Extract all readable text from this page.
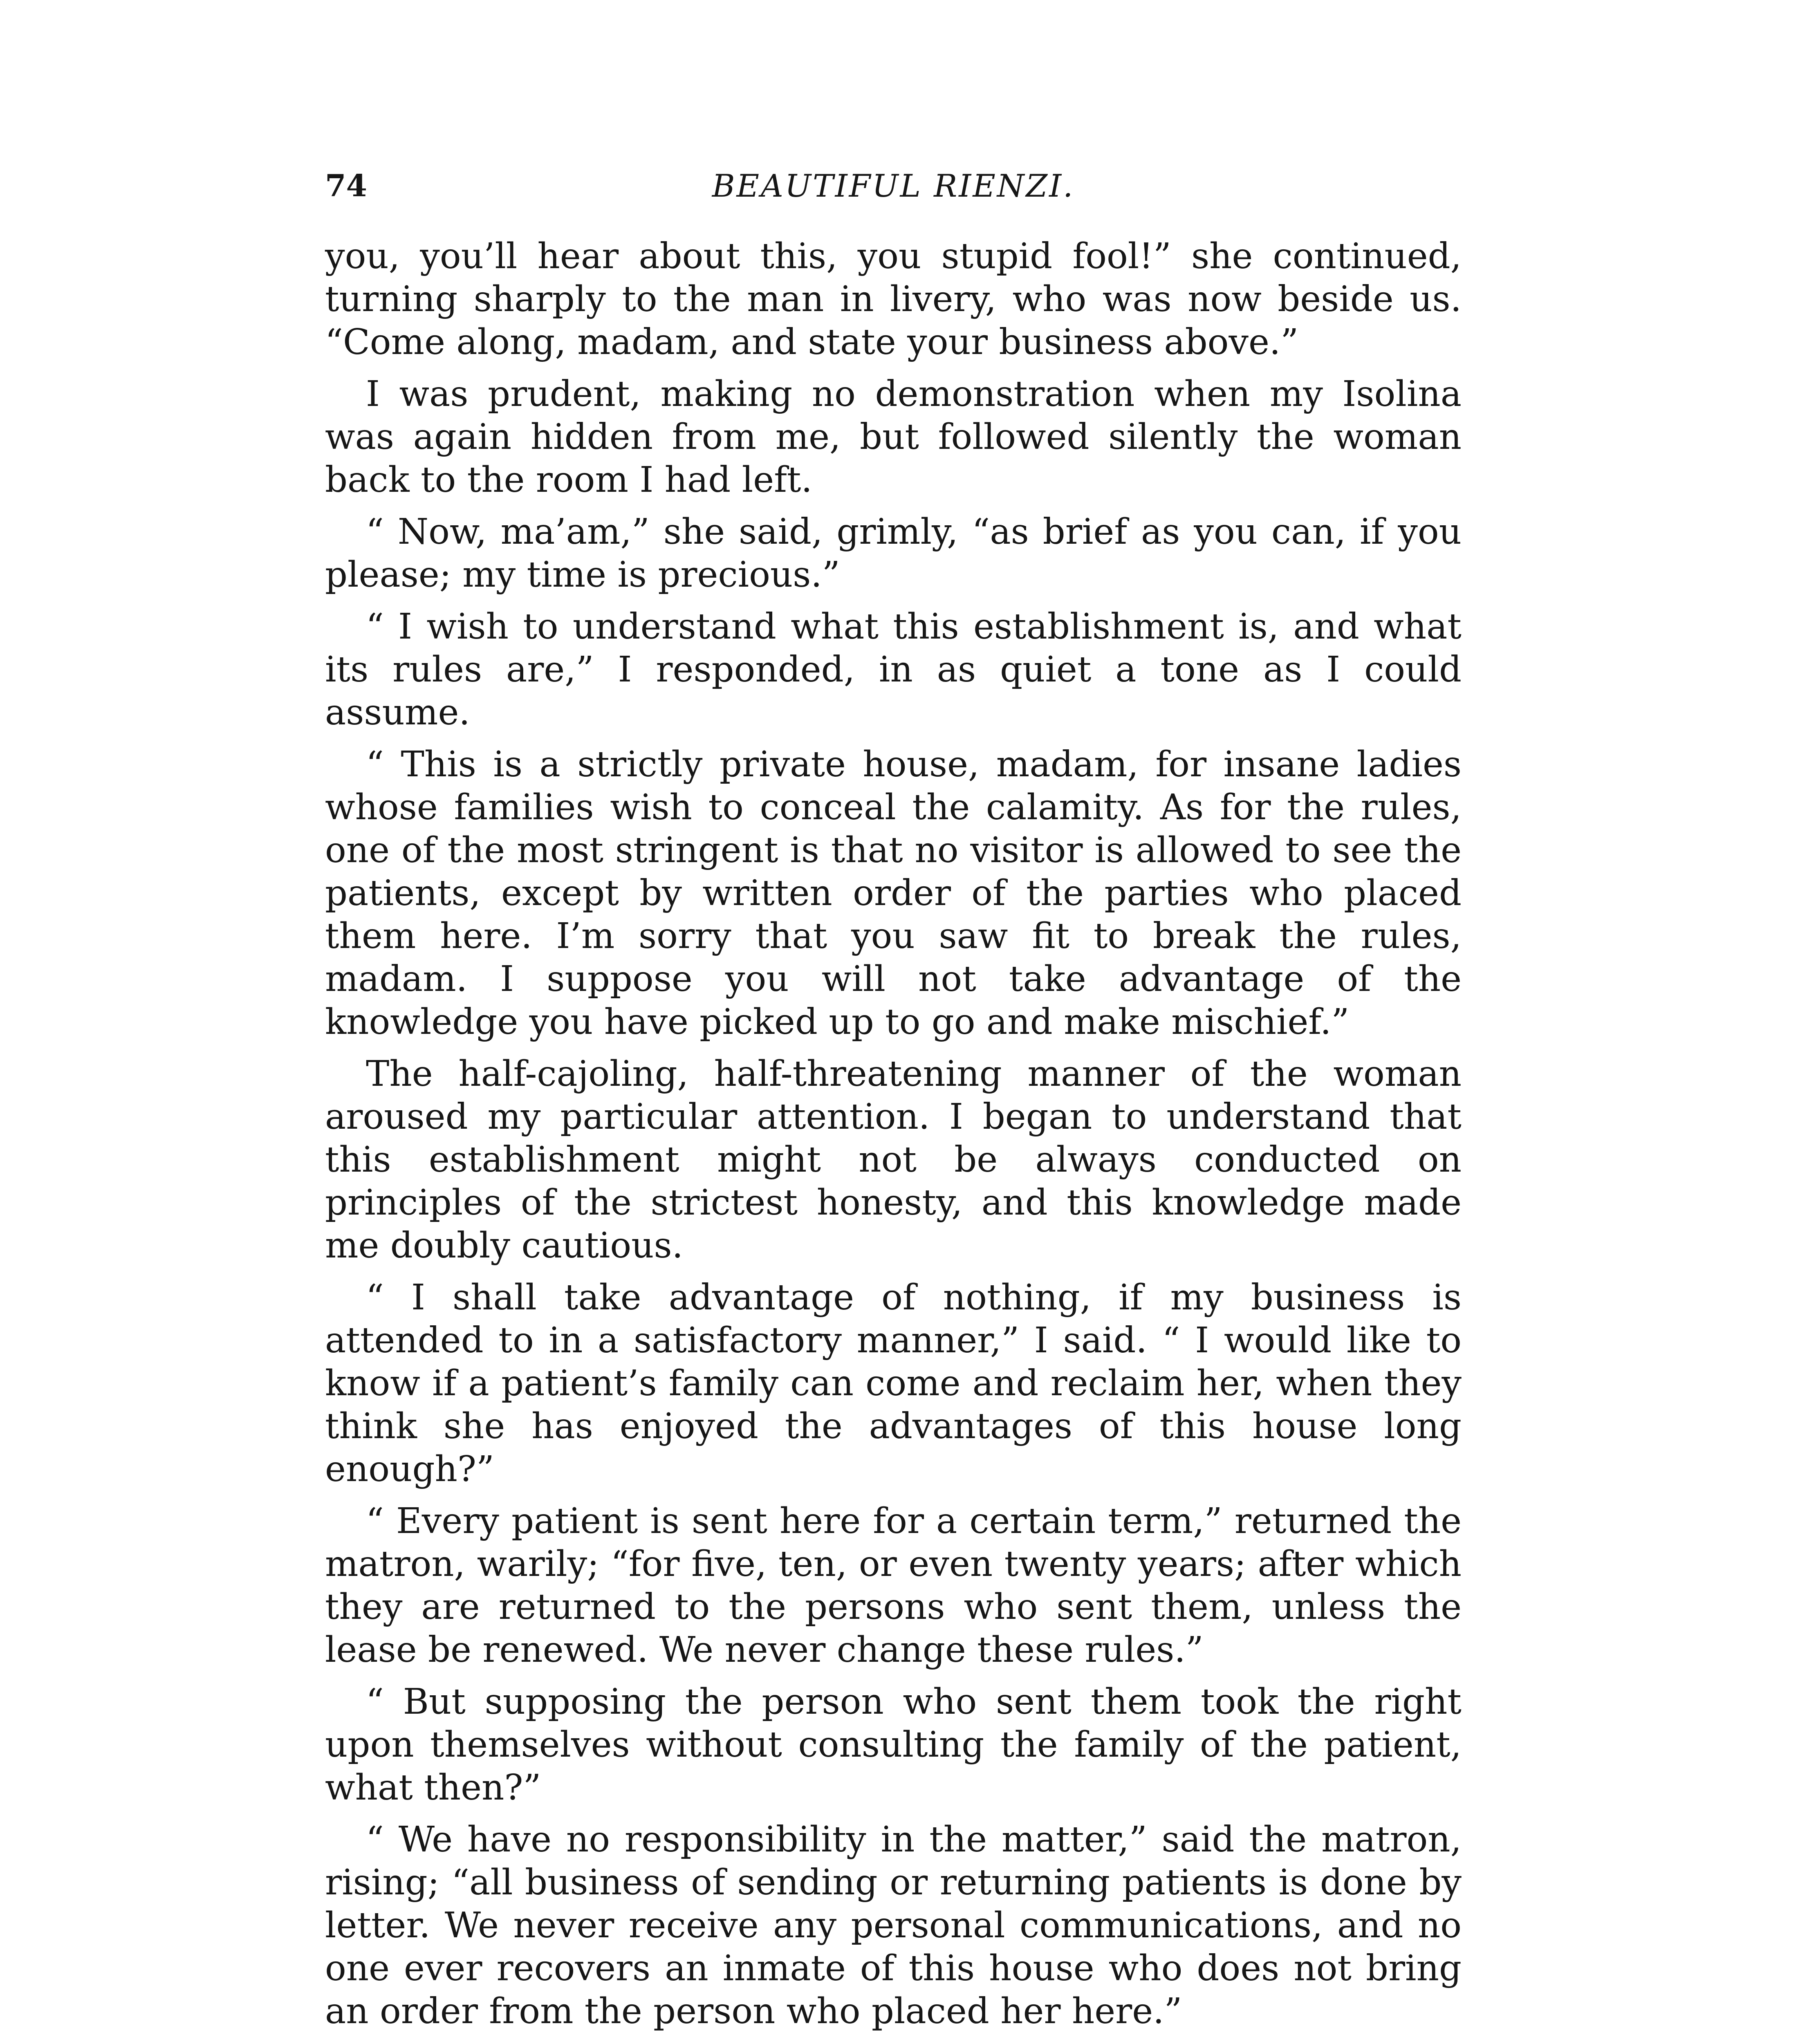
74	BEAUTIFUL RIENZI.

you, you’ll hear about this, you stupid fool!” she continued, turning sharply to the man in livery, who was now beside us. “Come along, madam, and state your business above.”

I was prudent, making no demonstration when my Isolina was again hidden from me, but followed silently the woman back to the room I had left.

“ Now, ma’am,” she said, grimly, “as brief as you can, if you please; my time is precious.”

“ I wish to understand what this establishment is, and what its rules are,” I responded, in as quiet a tone as I could assume.

“ This is a strictly private house, madam, for insane ladies whose families wish to conceal the calamity. As for the rules, one of the most stringent is that no visitor is allowed to see the patients, except by written order of the parties who placed them here. I’m sorry that you saw fit to break the rules, madam. I suppose you will not take advantage of the knowledge you have picked up to go and make mischief.”

The half-cajoling, half-threatening manner of the woman aroused my particular attention. I began to understand that this establishment might not be always conducted on principles of the strictest honesty, and this knowledge made me doubly cautious.

“ I shall take advantage of nothing, if my business is attended to in a satisfactory manner,” I said. “ I would like to know if a patient’s family can come and reclaim her, when they think she has enjoyed the advantages of this house long enough?”

“ Every patient is sent here for a certain term,” returned the matron, warily; “for five, ten, or even twenty years; after which they are returned to the persons who sent them, unless the lease be renewed. We never change these rules.”

“ But supposing the person who sent them took the right upon themselves without consulting the family of the patient, what then?”

“ We have no responsibility in the matter,” said the matron, rising; “all business of sending or returning patients is done by letter. We never receive any personal communications, and no one ever recovers an inmate of this house who does not bring an order from the person who placed her here.”
